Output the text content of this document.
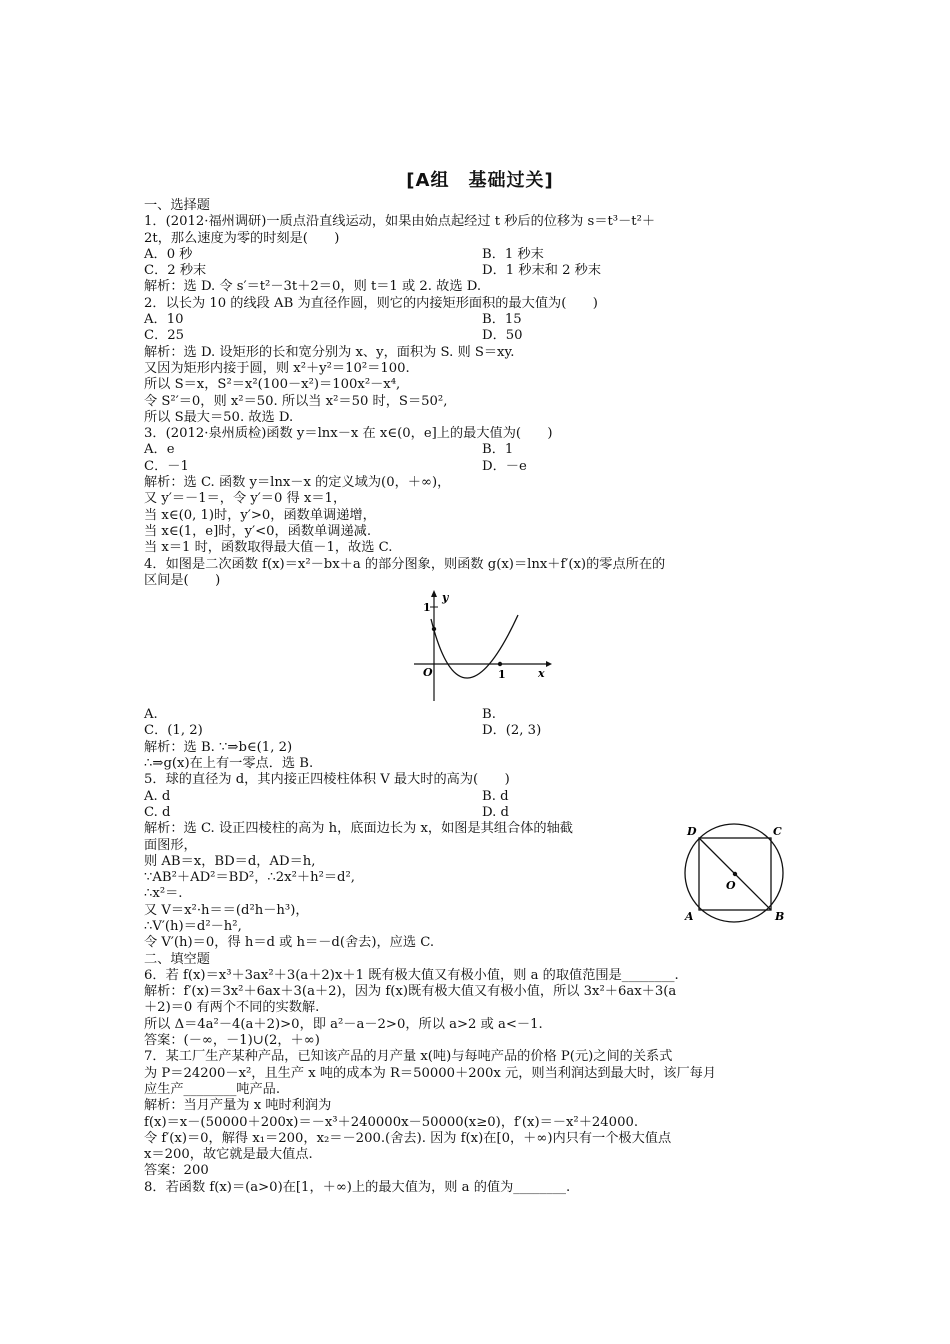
[A组　基础过关]
一、选择题
1．(2012·福州调研)一质点沿直线运动，如果由始点起经过 t 秒后的位移为 s＝t³－t²＋
2t，那么速度为零的时刻是(　　)
A．0 秒	B．1 秒末
C．2 秒末	D．1 秒末和 2 秒末
解析：选 D. 令 s′＝t²－3t＋2＝0，则 t＝1 或 2. 故选 D.
2．以长为 10 的线段 AB 为直径作圆，则它的内接矩形面积的最大值为(　　)
A．10	B．15
C．25	D．50
解析：选 D. 设矩形的长和宽分别为 x、y，面积为 S. 则 S＝xy.
又因为矩形内接于圆，则 x²＋y²＝10²＝100.
所以 S＝x，S²＝x²(100－x²)＝100x²－x⁴,
令 S²′＝0，则 x²＝50. 所以当 x²＝50 时，S＝50²,
所以 S最大＝50. 故选 D.
3．(2012·泉州质检)函数 y＝lnx－x 在 x∈(0，e]上的最大值为(　　)
A．e	B．1
C．－1	D．－e
解析：选 C. 函数 y＝lnx－x 的定义域为(0，＋∞)，
又 y′＝－1＝，令 y′＝0 得 x＝1，
当 x∈(0, 1)时，y′>0，函数单调递增，
当 x∈(1，e]时，y′<0，函数单调递减.
当 x＝1 时，函数取得最大值－1，故选 C.
4．如图是二次函数 f(x)＝x²－bx＋a 的部分图象，则函数 g(x)＝lnx＋f′(x)的零点所在的
区间是(　　)
y
x
O	1
1
A.	B.
C．(1, 2)	D．(2, 3)
解析：选 B. ∵⇒b∈(1, 2)
∴⇒g(x)在上有一零点．选 B.
5．球的直径为 d，其内接正四棱柱体积 V 最大时的高为(　　)
A. d	B. d
C. d	D. d
解析：选 C. 设正四棱柱的高为 h，底面边长为 x，如图是其组合体的轴截
面图形，
则 AB＝x，BD＝d，AD＝h,
∵AB²＋AD²＝BD²，∴2x²＋h²＝d²,
∴x²＝.
又 V＝x²·h＝＝(d²h－h³)，
∴V′(h)＝d²－h²,
令 V′(h)＝0，得 h＝d 或 h＝－d(舍去)，应选 C.
D	C
A	B
O
二、填空题
6．若 f(x)＝x³＋3ax²＋3(a＋2)x＋1 既有极大值又有极小值，则 a 的取值范围是________.
解析：f′(x)＝3x²＋6ax＋3(a＋2)，因为 f(x)既有极大值又有极小值，所以 3x²＋6ax＋3(a
＋2)＝0 有两个不同的实数解.
所以 Δ＝4a²－4(a＋2)>0，即 a²－a－2>0，所以 a>2 或 a<－1.
答案：(－∞，－1)∪(2，＋∞)
7．某工厂生产某种产品，已知该产品的月产量 x(吨)与每吨产品的价格 P(元)之间的关系式
为 P＝24200－x²，且生产 x 吨的成本为 R＝50000＋200x 元，则当利润达到最大时，该厂每月
应生产________吨产品.
解析：当月产量为 x 吨时利润为
f(x)＝x－(50000＋200x)＝－x³＋240000x－50000(x≥0)，f′(x)＝－x²＋24000.
令 f′(x)＝0，解得 x₁＝200，x₂＝－200.(舍去). 因为 f(x)在[0，＋∞)内只有一个极大值点
x＝200，故它就是最大值点.
答案：200
8．若函数 f(x)＝(a>0)在[1，＋∞)上的最大值为，则 a 的值为________.
